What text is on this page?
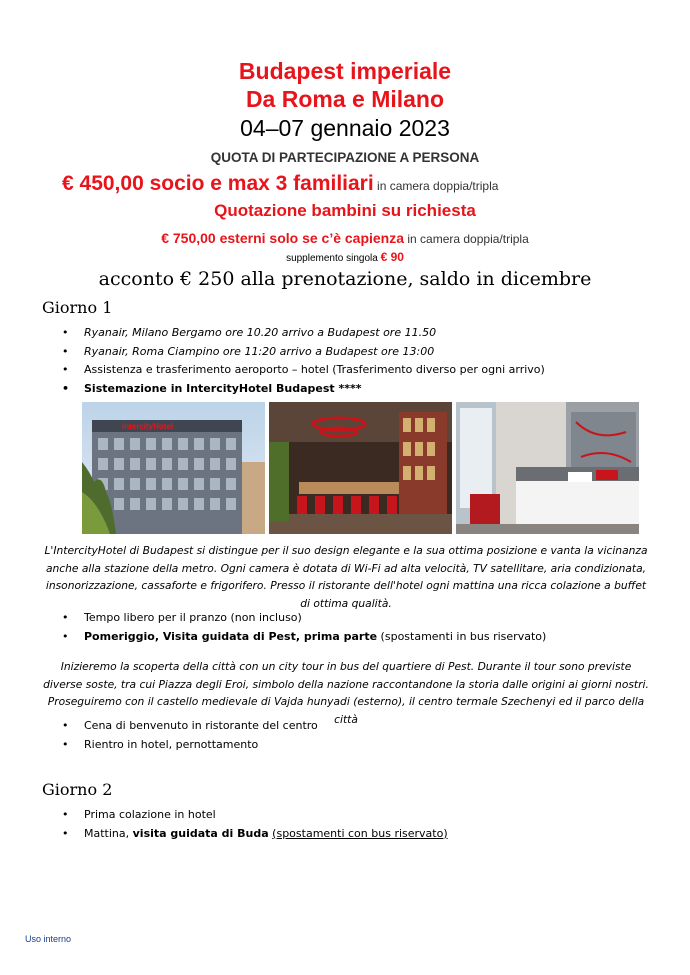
Budapest imperiale
Da Roma e Milano
04–07 gennaio 2023
QUOTA DI PARTECIPAZIONE A PERSONA
€ 450,00 socio e max 3 familiari in camera doppia/tripla
Quotazione bambini su richiesta
€ 750,00 esterni solo se c’è capienza in camera doppia/tripla
supplemento singola € 90
acconto € 250 alla prenotazione, saldo in dicembre
Giorno 1
• Ryanair, Milano Bergamo ore 10.20 arrivo a Budapest ore 11.50
• Ryanair, Roma Ciampino ore 11:20 arrivo a Budapest ore 13:00
• Assistenza e trasferimento aeroporto – hotel (Trasferimento diverso per ogni arrivo)
• Sistemazione in IntercityHotel Budapest ****
IntercityHotel
L'IntercityHotel di Budapest si distingue per il suo design elegante e la sua ottima posizione e vanta la vicinanza anche alla stazione della metro. Ogni camera è dotata di Wi-Fi ad alta velocità, TV satellitare, aria condizionata, insonorizzazione, cassaforte e frigorifero. Presso il ristorante dell'hotel ogni mattina una ricca colazione a buffet di ottima qualità.
• Tempo libero per il pranzo (non incluso)
• Pomeriggio, Visita guidata di Pest, prima parte (spostamenti in bus riservato)
Inizieremo la scoperta della città con un city tour in bus del quartiere di Pest. Durante il tour sono previste diverse soste, tra cui Piazza degli Eroi, simbolo della nazione raccontandone la storia dalle origini ai giorni nostri. Proseguiremo con il castello medievale di Vajda hunyadi (esterno), il centro termale Szechenyi ed il parco della città
• Cena di benvenuto in ristorante del centro
• Rientro in hotel, pernottamento
Giorno 2
• Prima colazione in hotel
• Mattina, visita guidata di Buda (spostamenti con bus riservato)
Uso interno
